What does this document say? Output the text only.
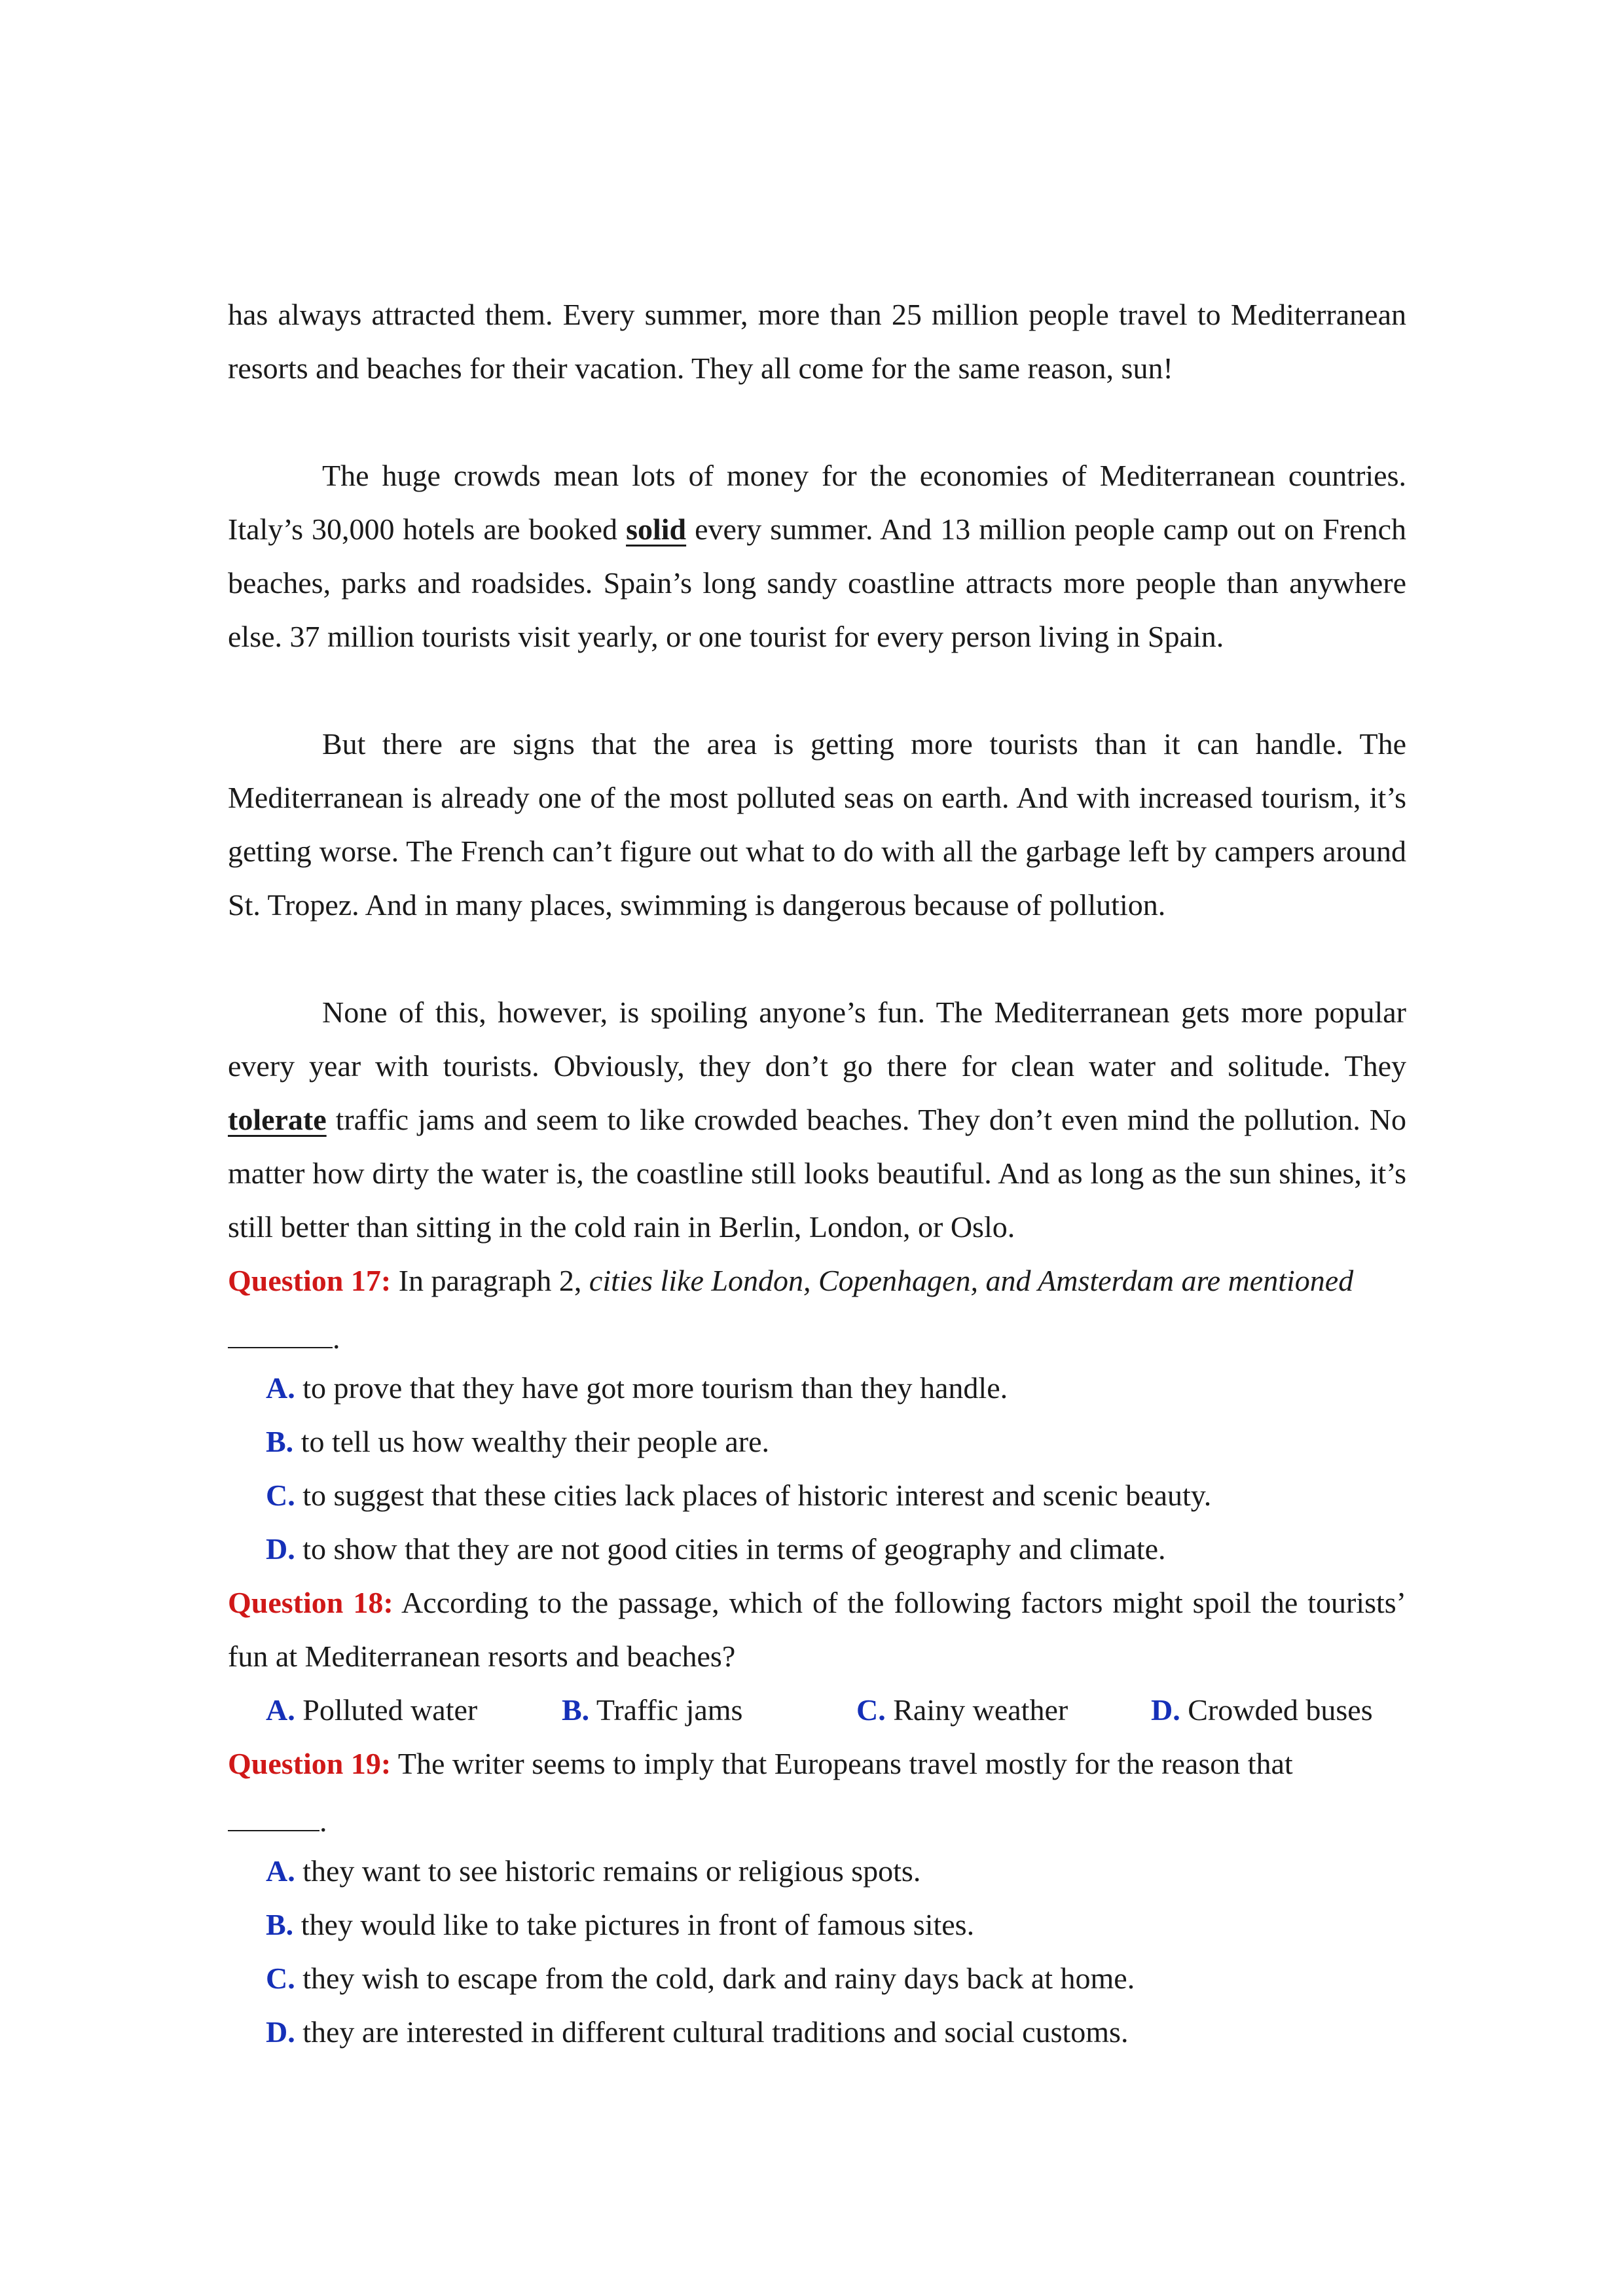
has always attracted them. Every summer, more than 25 million people travel to Mediterranean resorts and beaches for their vacation. They all come for the same reason, sun!

The huge crowds mean lots of money for the economies of Mediterranean countries. Italy’s 30,000 hotels are booked solid every summer. And 13 million people camp out on French beaches, parks and roadsides. Spain’s long sandy coastline attracts more people than anywhere else. 37 million tourists visit yearly, or one tourist for every person living in Spain.

But there are signs that the area is getting more tourists than it can handle. The Mediterranean is already one of the most polluted seas on earth. And with increased tourism, it’s getting worse. The French can’t figure out what to do with all the garbage left by campers around St. Tropez. And in many places, swimming is dangerous because of pollution.

None of this, however, is spoiling anyone’s fun. The Mediterranean gets more popular every year with tourists. Obviously, they don’t go there for clean water and solitude. They tolerate traffic jams and seem to like crowded beaches. They don’t even mind the pollution. No matter how dirty the water is, the coastline still looks beautiful. And as long as the sun shines, it’s still better than sitting in the cold rain in Berlin, London, or Oslo.

Question 17: In paragraph 2, cities like London, Copenhagen, and Amsterdam are mentioned

.

A. to prove that they have got more tourism than they handle.

B. to tell us how wealthy their people are.

C. to suggest that these cities lack places of historic interest and scenic beauty.

D. to show that they are not good cities in terms of geography and climate.

Question 18: According to the passage, which of the following factors might spoil the tourists’ fun at Mediterranean resorts and beaches?

A. Polluted water	B. Traffic jams	C. Rainy weather	D. Crowded buses

Question 19: The writer seems to imply that Europeans travel mostly for the reason that

.

A. they want to see historic remains or religious spots.

B. they would like to take pictures in front of famous sites.

C. they wish to escape from the cold, dark and rainy days back at home.

D. they are interested in different cultural traditions and social customs.
